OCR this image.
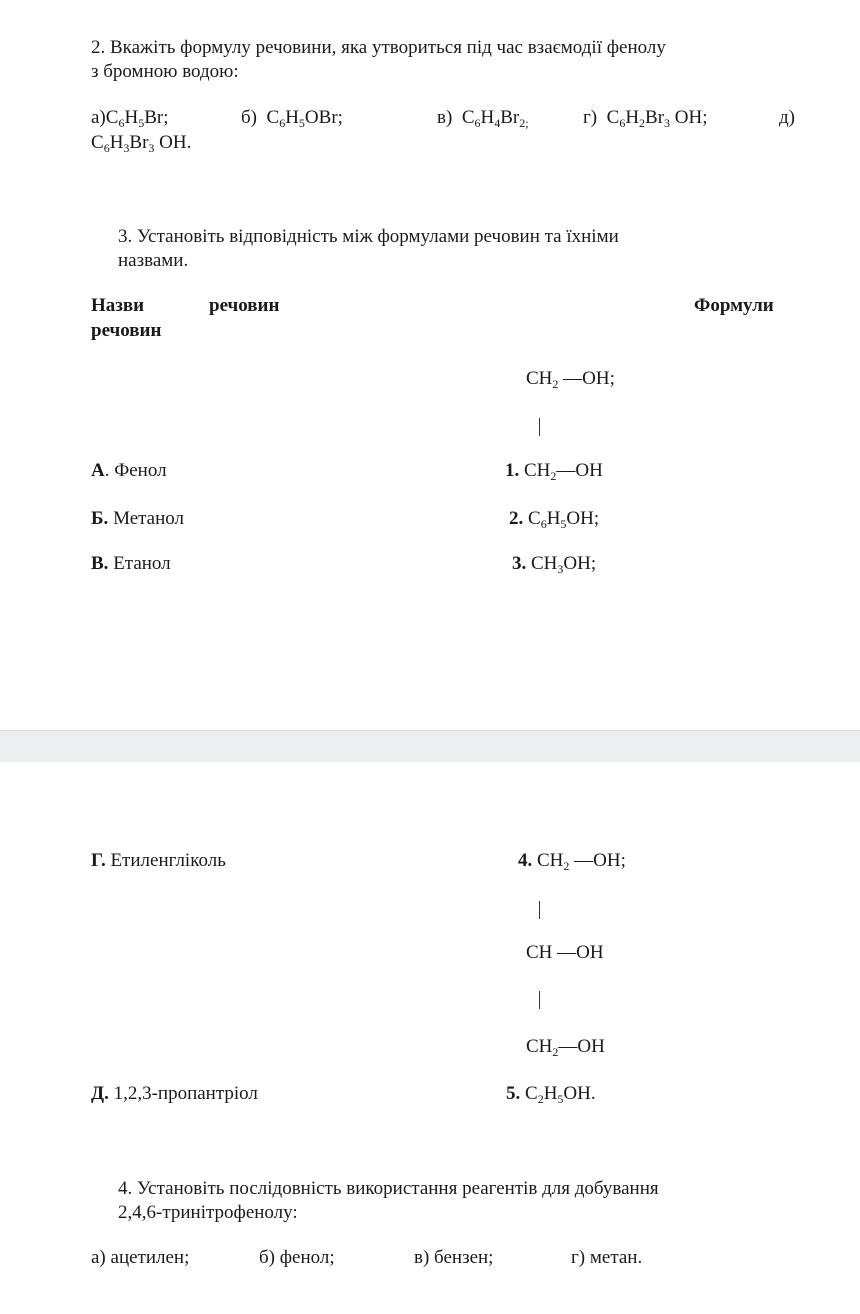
2. Вкажіть формулу речовини, яка утвориться під час взаємодії фенолу
з бромною водою:
$а)C_6H_5Br$;	б) $C_6H_5OBr$;	в) $C_6H_4Br_{2;}$	г) $C_6H_2Br_3$ OH;	д)
$C_6H_3Br_3$ OH.
3. Установіть відповідність між формулами речовин та їхніми
назвами.
Назви	речовин	Формули
речовин
$CH_2$ —OH;
А. Фенол	1. $CH_2—OH$
Б. Метанол	2. $C_6H_5OH$;
В. Етанол	3. $CH_3OH$;
Г. Етиленгліколь	4. $CH_2$ —OH;
CH —OH
$CH_2—OH$
Д. 1,2,3-пропантріол	5. $C_2H_5OH$.
4. Установіть послідовність використання реагентів для добування
2,4,6-тринітрофенолу:
а) ацетилен;	б) фенол;	в) бензен;	г) метан.
